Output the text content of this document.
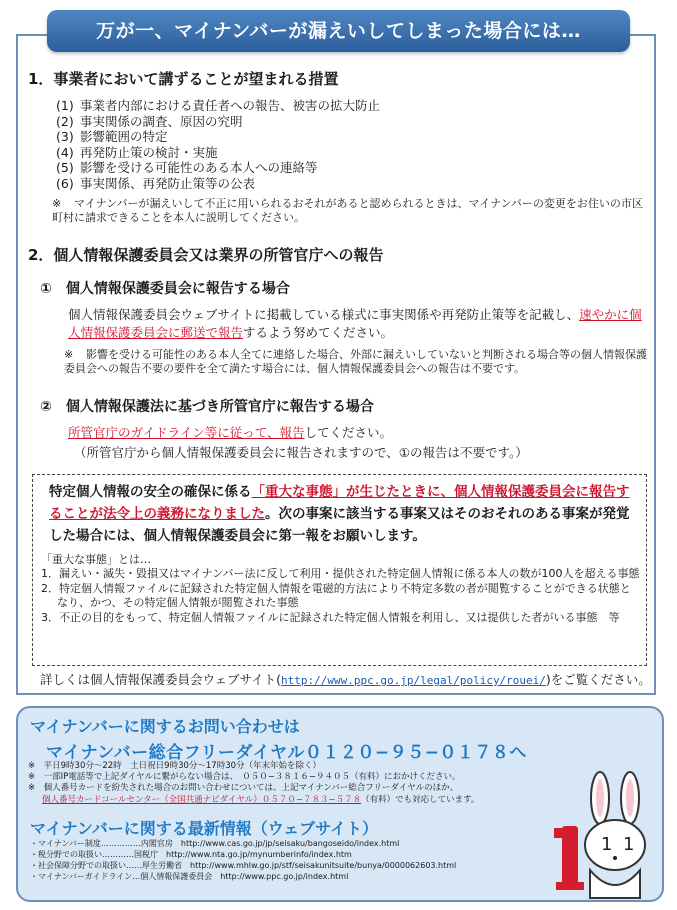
万が一、マイナンバーが漏えいしてしまった場合には…
1．事業者において講ずることが望まれる措置
(1) 事業者内部における責任者への報告、被害の拡大防止
(2) 事実関係の調査、原因の究明
(3) 影響範囲の特定
(4) 再発防止策の検討・実施
(5) 影響を受ける可能性のある本人への連絡等
(6) 事実関係、再発防止策等の公表
※ マイナンバーが漏えいして不正に用いられるおそれがあると認められるときは、マイナンバーの変更をお住いの市区町村に請求できることを本人に説明してください。
2．個人情報保護委員会又は業界の所管官庁への報告
①　個人情報保護委員会に報告する場合
個人情報保護委員会ウェブサイトに掲載している様式に事実関係や再発防止策等を記載し、速やかに個人情報保護委員会に郵送で報告するよう努めてください。
※ 影響を受ける可能性のある本人全てに連絡した場合、外部に漏えいしていないと判断される場合等の個人情報保護委員会への報告不要の要件を全て満たす場合には、個人情報保護委員会への報告は不要です。
②　個人情報保護法に基づき所管官庁に報告する場合
所管官庁のガイドライン等に従って、報告してください。
（所管官庁から個人情報保護委員会に報告されますので、①の報告は不要です。）
特定個人情報の安全の確保に係る「重大な事態」が生じたときに、個人情報保護委員会に報告することが法令上の義務になりました。次の事案に該当する事案又はそのおそれのある事案が発覚した場合には、個人情報保護委員会に第一報をお願いします。
「重大な事態」とは…
1．漏えい・滅失・毀損又はマイナンバー法に反して利用・提供された特定個人情報に係る本人の数が100人を超える事態
2．特定個人情報ファイルに記録された特定個人情報を電磁的方法により不特定多数の者が閲覧することができる状態となり、かつ、その特定個人情報が閲覧された事態
3．不正の目的をもって、特定個人情報ファイルに記録された特定個人情報を利用し、又は提供した者がいる事態　等
詳しくは個人情報保護委員会ウェブサイト(http://www.ppc.go.jp/legal/policy/rouei/)をご覧ください。
マイナンバーに関するお問い合わせは
マイナンバー総合フリーダイヤル０１２０−９５−０１７８へ
※　平日9時30分〜22時　土日祝日9時30分〜17時30分（年末年始を除く）
※　一部IP電話等で上記ダイヤルに繋がらない場合は、　０５０−３８１６−９４０５（有料）におかけください。
※　個人番号カードを紛失された場合のお問い合わせについては、上記マイナンバー総合フリーダイヤルのほか、
個人番号カードコールセンター（全国共通ナビダイヤル）０５７０−７８３−５７８（有料）でも対応しています。
マイナンバーに関する最新情報（ウェブサイト）
・マイナンバー制度……………内閣官房　http://www.cas.go.jp/jp/seisaku/bangoseido/index.html
・税分野での取扱い…………国税庁　http://www.nta.go.jp/mynumberinfo/index.htm
・社会保障分野での取扱い……厚生労働省　http://www.mhlw.go.jp/stf/seisakunitsuite/bunya/0000062603.html
・マイナンバーガイドライン…個人情報保護委員会　http://www.ppc.go.jp/index.html
1 1
